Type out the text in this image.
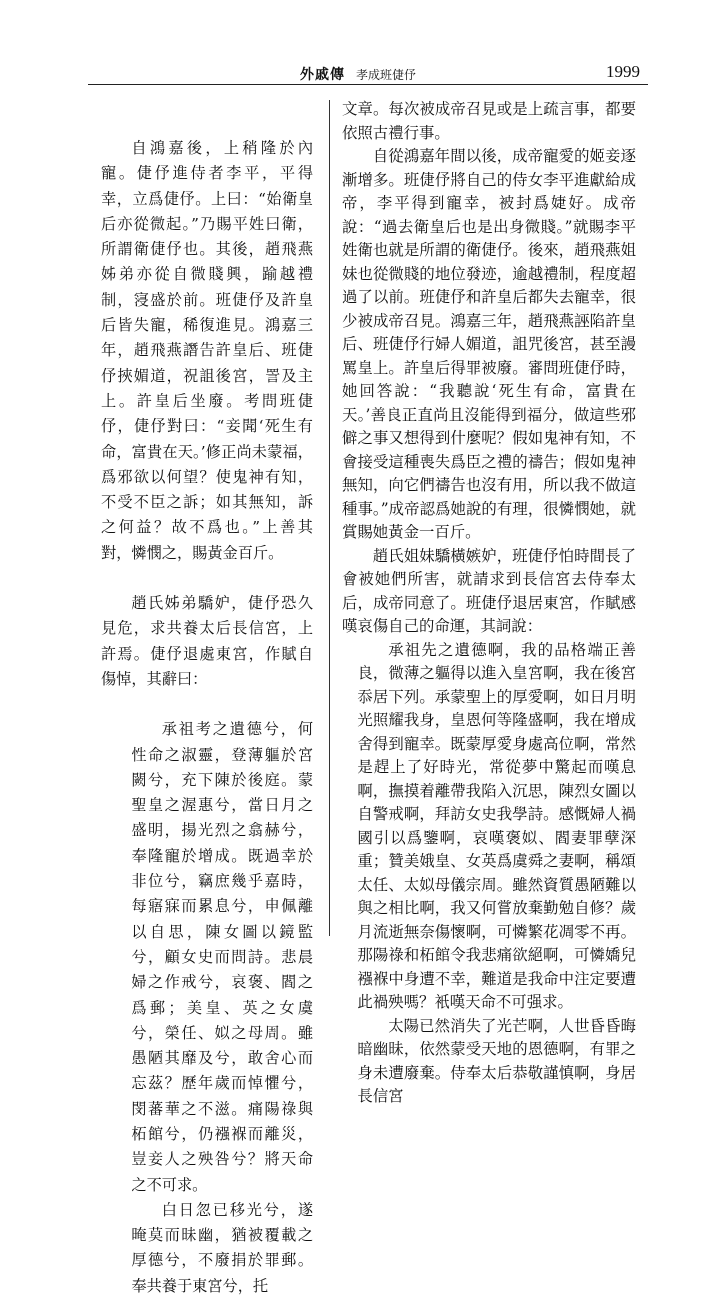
外戚傳 孝成班倢伃	1999

自鴻嘉後，上稍隆於內寵。倢伃進侍者李平，平得幸，立爲倢伃。上曰：“始衛皇后亦從微起。”乃賜平姓曰衛，所謂衛倢伃也。其後，趙飛燕姊弟亦從自微賤興，踰越禮制，寖盛於前。班倢伃及許皇后皆失寵，稀復進見。鴻嘉三年，趙飛燕譖告許皇后、班倢伃挾媚道，祝詛後宮，詈及主上。許皇后坐廢。考問班倢伃，倢伃對曰：“妾聞‘死生有命，富貴在天。’修正尚未蒙福，爲邪欲以何望？使鬼神有知，不受不臣之訴；如其無知，訴之何益？故不爲也。”上善其對，憐憫之，賜黃金百斤。

趙氏姊弟驕妒，倢伃恐久見危，求共養太后長信宮，上許焉。倢伃退處東宮，作賦自傷悼，其辭曰：

承祖考之遺德兮，何性命之淑靈，登薄軀於宮闕兮，充下陳於後庭。蒙聖皇之渥惠兮，當日月之盛明，揚光烈之翕赫兮，奉隆寵於增成。既過幸於非位兮，竊庶幾乎嘉時，每寤寐而累息兮，申佩離以自思，陳女圖以鏡監兮，顧女史而問詩。悲晨婦之作戒兮，哀褒、閻之爲郵；美皇、英之女虞兮，榮任、姒之母周。雖愚陋其靡及兮，敢舍心而忘茲？歷年歲而悼懼兮，閔蕃華之不滋。痛陽祿與柘館兮，仍襁褓而離災，豈妾人之殃咎兮？將天命之不可求。

白日忽已移光兮，遂晻莫而昧幽，猶被覆載之厚德兮，不廢捐於罪郵。奉共養于東宮兮，托

文章。每次被成帝召見或是上疏言事，都要依照古禮行事。

自從鴻嘉年間以後，成帝寵愛的姬妾逐漸增多。班倢伃將自己的侍女李平進獻給成帝，李平得到寵幸，被封爲婕好。成帝說：“過去衛皇后也是出身微賤。”就賜李平姓衛也就是所謂的衛倢伃。後來，趙飛燕姐妹也從微賤的地位發迹，逾越禮制，程度超過了以前。班倢伃和許皇后都失去寵幸，很少被成帝召見。鴻嘉三年，趙飛燕誣陷許皇后、班倢伃行婦人媚道，詛咒後宮，甚至謾罵皇上。許皇后得罪被廢。審問班倢伃時，她回答說：“我聽說‘死生有命，富貴在天。’善良正直尚且沒能得到福分，做這些邪僻之事又想得到什麼呢？假如鬼神有知，不會接受這種喪失爲臣之禮的禱告；假如鬼神無知，向它們禱告也沒有用，所以我不做這種事。”成帝認爲她說的有理，很憐憫她，就賞賜她黃金一百斤。

趙氏姐妹驕橫嫉妒，班倢伃怕時間長了會被她們所害，就請求到長信宮去侍奉太后，成帝同意了。班倢伃退居東宮，作賦感嘆哀傷自己的命運，其詞說：

承祖先之遺德啊，我的品格端正善良，微薄之軀得以進入皇宮啊，我在後宮忝居下列。承蒙聖上的厚愛啊，如日月明光照耀我身，皇恩何等隆盛啊，我在增成舍得到寵幸。既蒙厚愛身處高位啊，常然是趕上了好時光，常從夢中驚起而嘆息啊，撫摸着離帶我陷入沉思，陳烈女圖以自警戒啊，拜訪女史我學詩。感慨婦人禍國引以爲鑒啊，哀嘆褒姒、閻妻罪孽深重；贊美娥皇、女英爲虞舜之妻啊，稱頌太任、太姒母儀宗周。雖然資質愚陋難以與之相比啊，我又何嘗放棄勤勉自修？歲月流逝無奈傷懷啊，可憐繁花凋零不再。那陽祿和柘館令我悲痛欲絕啊，可憐嬌兒襁褓中身遭不幸，難道是我命中注定要遭此禍殃嗎？衹嘆天命不可强求。

太陽已然消失了光芒啊，人世昏昏晦暗幽昧，依然蒙受天地的恩德啊，有罪之身未遭廢棄。侍奉太后恭敬謹慎啊，身居長信宮
